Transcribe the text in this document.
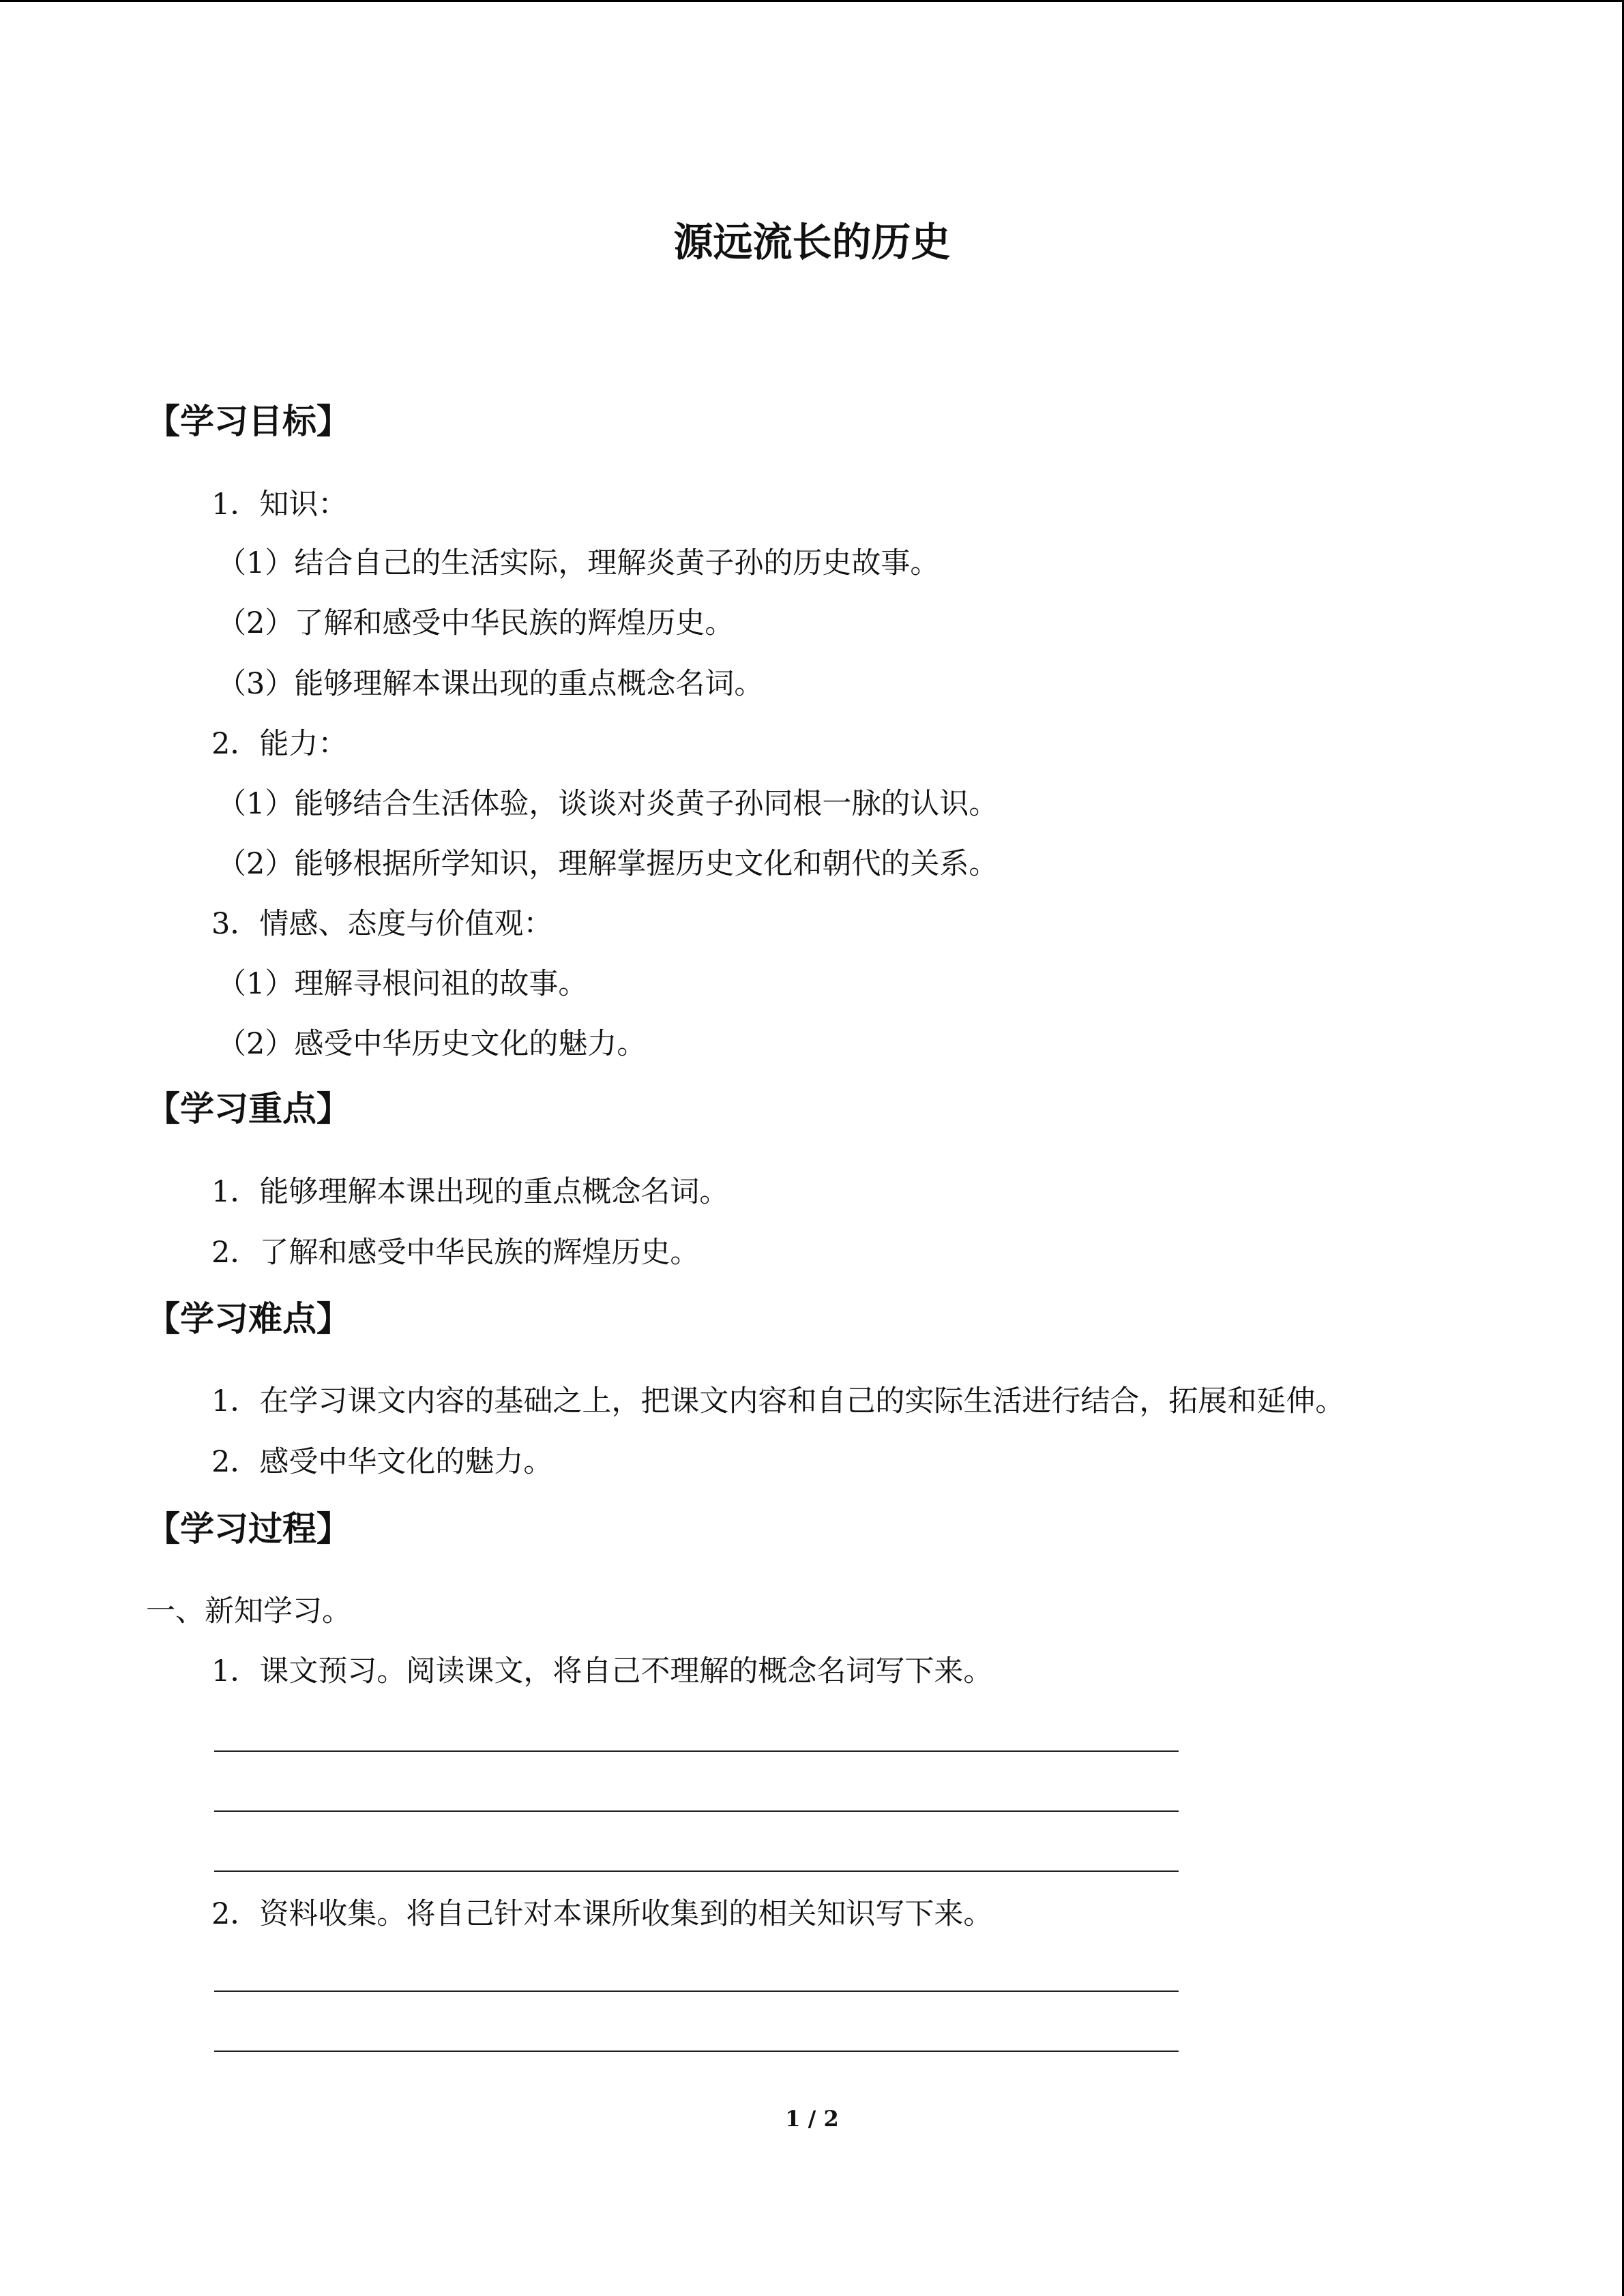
源远流长的历史
【学习目标】
1．知识：
（1）结合自己的生活实际，理解炎黄子孙的历史故事。
（2）了解和感受中华民族的辉煌历史。
（3）能够理解本课出现的重点概念名词。
2．能力：
（1）能够结合生活体验，谈谈对炎黄子孙同根一脉的认识。
（2）能够根据所学知识，理解掌握历史文化和朝代的关系。
3．情感、态度与价值观：
（1）理解寻根问祖的故事。
（2）感受中华历史文化的魅力。
【学习重点】
1．能够理解本课出现的重点概念名词。
2．了解和感受中华民族的辉煌历史。
【学习难点】
1．在学习课文内容的基础之上，把课文内容和自己的实际生活进行结合，拓展和延伸。
2．感受中华文化的魅力。
【学习过程】
一、新知学习。
1．课文预习。阅读课文，将自己不理解的概念名词写下来。
2．资料收集。将自己针对本课所收集到的相关知识写下来。
1 / 2
